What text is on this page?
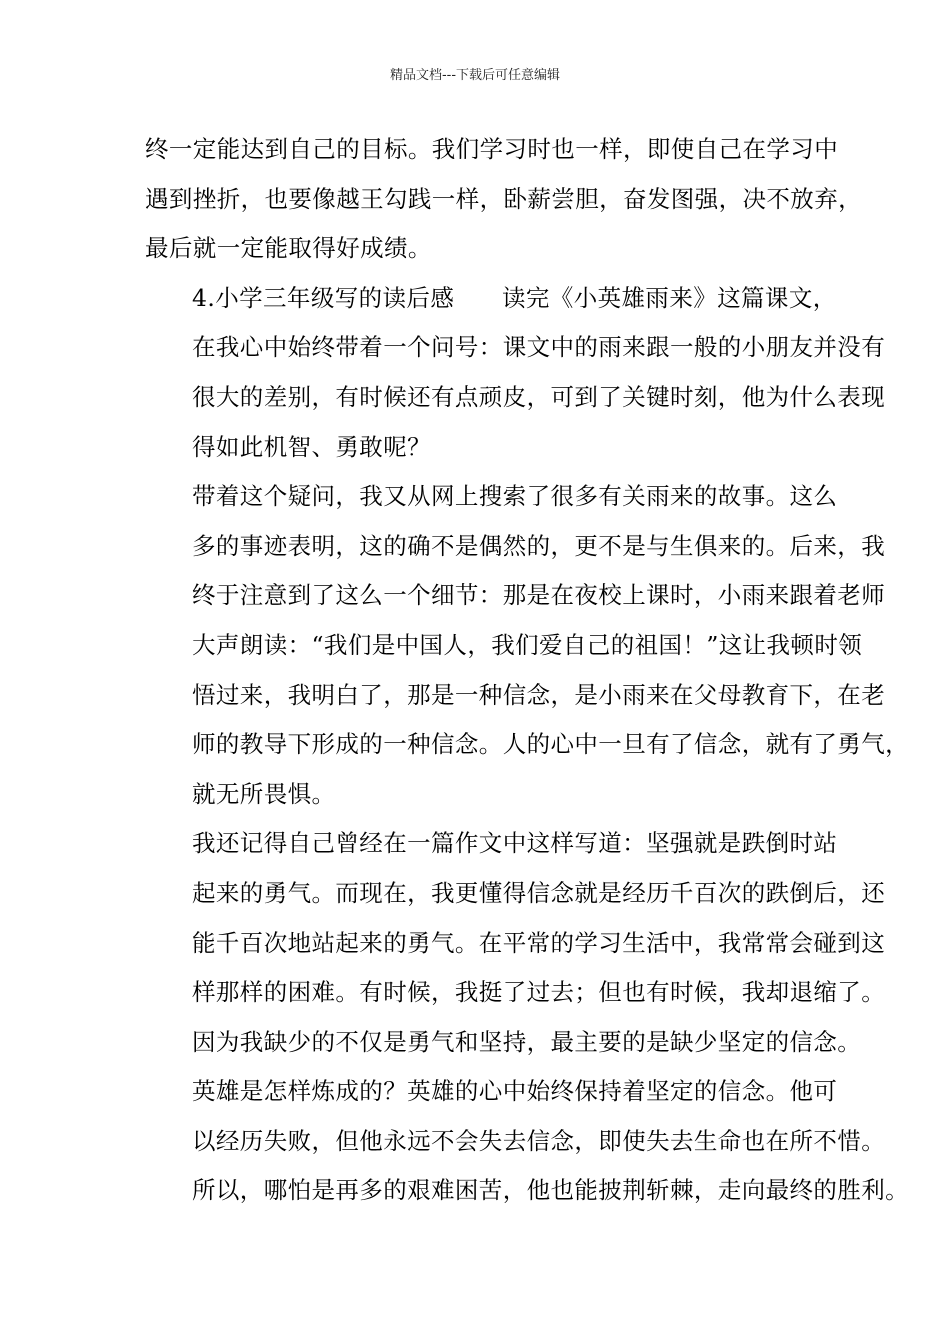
精品文档---下载后可任意编辑

终一定能达到自己的目标。我们学习时也一样，即使自己在学习中
遇到挫折，也要像越王勾践一样，卧薪尝胆，奋发图强，决不放弃，
最后就一定能取得好成绩。

4.小学三年级写的读后感　　读完《小英雄雨来》这篇课文，
在我心中始终带着一个问号：课文中的雨来跟一般的小朋友并没有
很大的差别，有时候还有点顽皮，可到了关键时刻，他为什么表现
得如此机智、勇敢呢？

带着这个疑问，我又从网上搜索了很多有关雨来的故事。这么
多的事迹表明，这的确不是偶然的，更不是与生俱来的。后来，我
终于注意到了这么一个细节：那是在夜校上课时，小雨来跟着老师
大声朗读：“我们是中国人，我们爱自己的祖国！”这让我顿时领
悟过来，我明白了，那是一种信念，是小雨来在父母教育下，在老
师的教导下形成的一种信念。人的心中一旦有了信念，就有了勇气，
就无所畏惧。

我还记得自己曾经在一篇作文中这样写道：坚强就是跌倒时站
起来的勇气。而现在，我更懂得信念就是经历千百次的跌倒后，还
能千百次地站起来的勇气。在平常的学习生活中，我常常会碰到这
样那样的困难。有时候，我挺了过去；但也有时候，我却退缩了。
因为我缺少的不仅是勇气和坚持，最主要的是缺少坚定的信念。

英雄是怎样炼成的？英雄的心中始终保持着坚定的信念。他可
以经历失败，但他永远不会失去信念，即使失去生命也在所不惜。
所以，哪怕是再多的艰难困苦，他也能披荆斩棘，走向最终的胜利。
